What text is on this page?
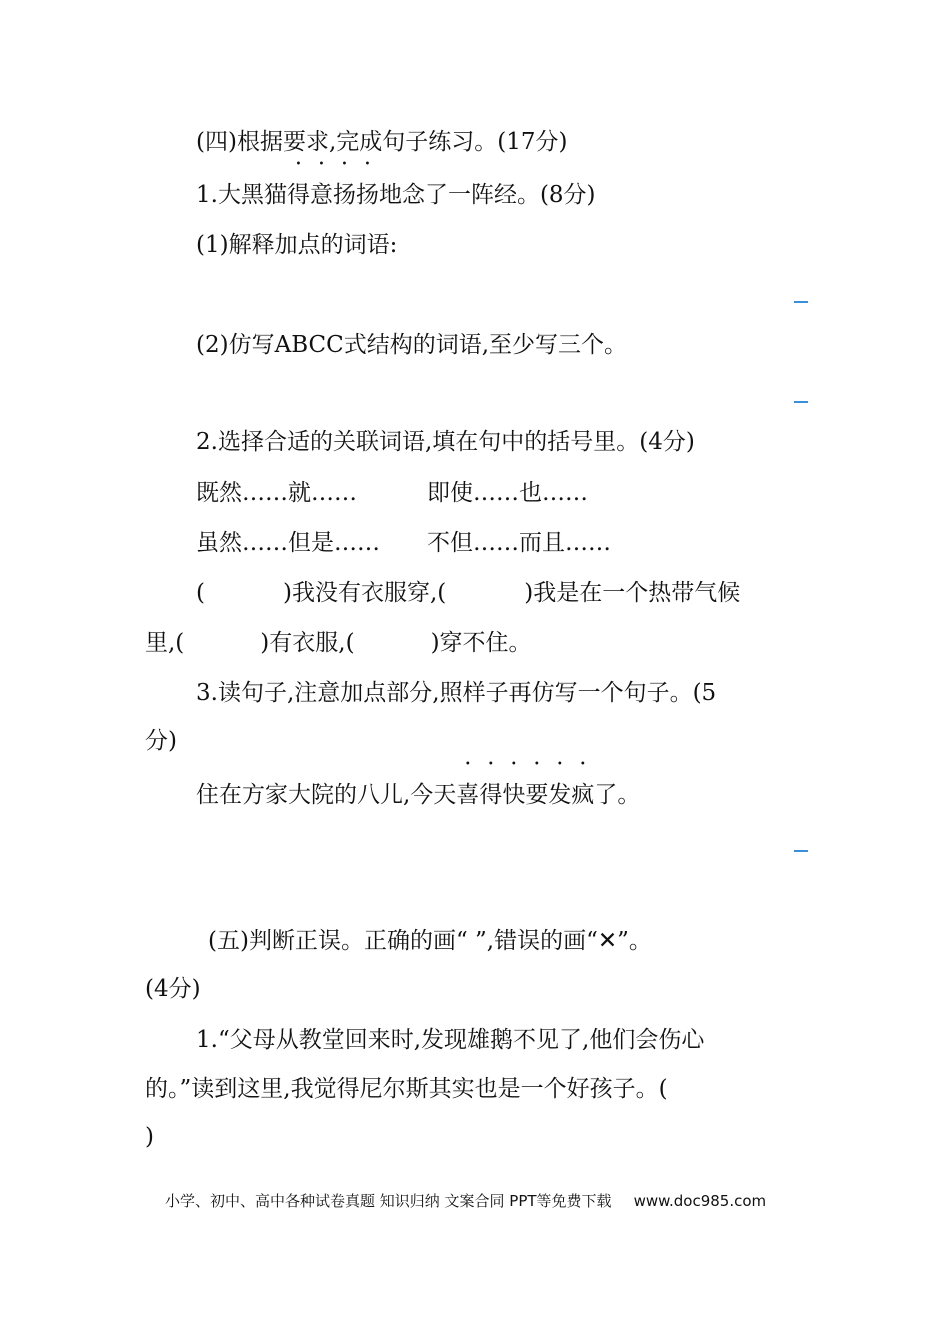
(四)根据要求,完成句子练习。(17分)
1.大黑猫得意扬扬地念了一阵经。(8分)
(1)解释加点的词语:
(2)仿写ABCC式结构的词语,至少写三个。
2.选择合适的关联词语,填在句中的括号里。(4分)
既然……就……	即使……也……
虽然……但是…… 不但……而且……
(	)我没有衣服穿,(	)我是在一个热带气候
里,(	)有衣服,(	)穿不住。
3.读句子,注意加点部分,照样子再仿写一个句子。(5
分)
住在方家大院的八儿,今天喜得快要发疯了。
(五)判断正误。正确的画“ ”,错误的画“✕”。
(4分)
1.“父母从教堂回来时,发现雄鹅不见了,他们会伤心
的。”读到这里,我觉得尼尔斯其实也是一个好孩子。(
)
小学、初中、高中各种试卷真题 知识归纳 文案合同 PPT等免费下载 www.doc985.com
